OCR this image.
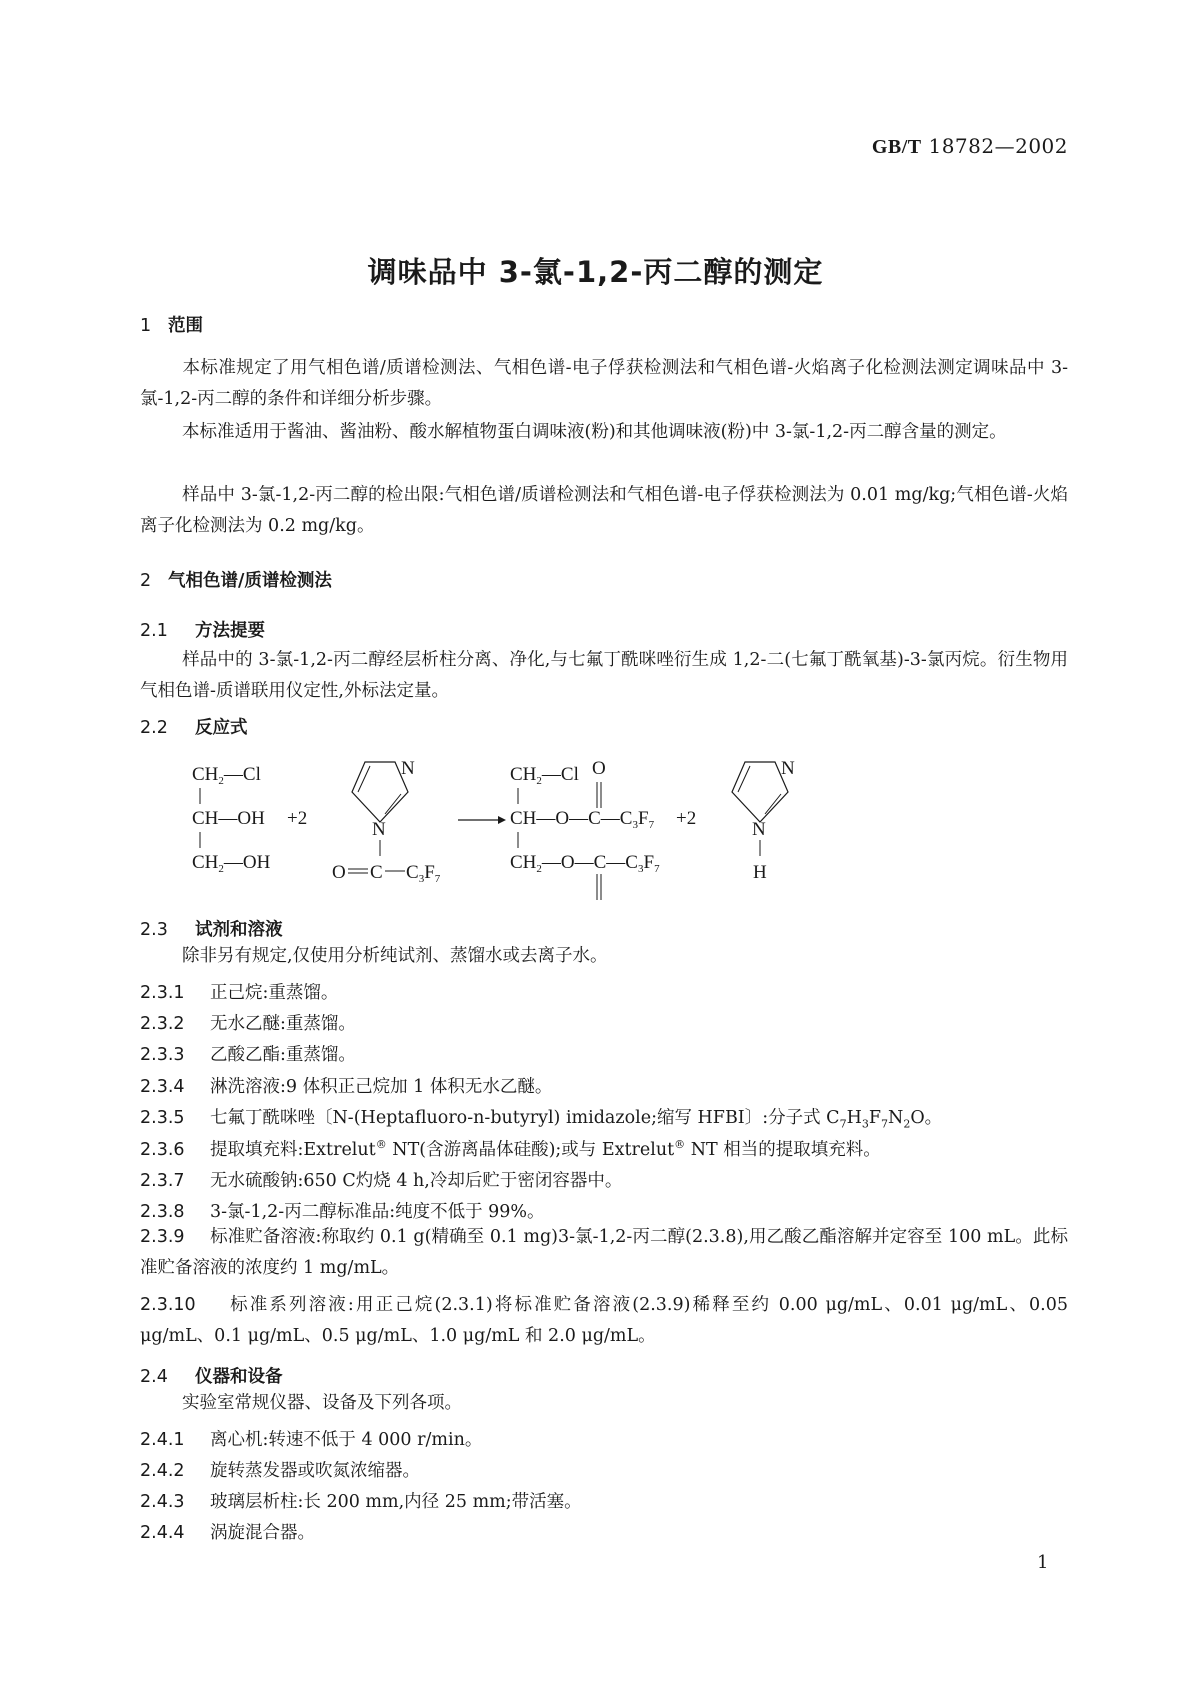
GB/T 18782—2002
调味品中 3-氯-1,2-丙二醇的测定
1 范围
本标准规定了用气相色谱/质谱检测法、气相色谱-电子俘获检测法和气相色谱-火焰离子化检测法测定调味品中 3-氯-1,2-丙二醇的条件和详细分析步骤。
本标准适用于酱油、酱油粉、酸水解植物蛋白调味液(粉)和其他调味液(粉)中 3-氯-1,2-丙二醇含量的测定。
样品中 3-氯-1,2-丙二醇的检出限:气相色谱/质谱检测法和气相色谱-电子俘获检测法为 0.01 mg/kg;气相色谱-火焰离子化检测法为 0.2 mg/kg。
2 气相色谱/质谱检测法
2.1 方法提要
样品中的 3-氯-1,2-丙二醇经层析柱分离、净化,与七氟丁酰咪唑衍生成 1,2-二(七氟丁酰氧基)-3-氯丙烷。衍生物用气相色谱-质谱联用仪定性,外标法定量。
2.2 反应式
$CH_2—Cl$
CH—OH
$CH_2—OH$
+2
N
N
O C $C_3F_7$
$CH_2—Cl$ O
$CH—O—C—C_3F_7$
$CH_2—O—C—C_3F_7$
+2
N
N
H
2.3 试剂和溶液
除非另有规定,仅使用分析纯试剂、蒸馏水或去离子水。
2.3.1 正己烷:重蒸馏。
2.3.2 无水乙醚:重蒸馏。
2.3.3 乙酸乙酯:重蒸馏。
2.3.4 淋洗溶液:9 体积正己烷加 1 体积无水乙醚。
2.3.5 七氟丁酰咪唑〔N-(Heptafluoro-n-butyryl) imidazole;缩写 HFBI〕:分子式 $C_7H_3F_7N_2O$。
2.3.6 提取填充料:Extrelut® NT(含游离晶体硅酸);或与 Extrelut® NT 相当的提取填充料。
2.3.7 无水硫酸钠:650 C灼烧 4 h,冷却后贮于密闭容器中。
2.3.8 3-氯-1,2-丙二醇标准品:纯度不低于 99%。
2.3.9 标准贮备溶液:称取约 0.1 g(精确至 0.1 mg)3-氯-1,2-丙二醇(2.3.8),用乙酸乙酯溶解并定容至 100 mL。此标准贮备溶液的浓度约 1 mg/mL。
2.3.10 标准系列溶液:用正己烷(2.3.1)将标准贮备溶液(2.3.9)稀释至约 0.00 μg/mL、0.01 μg/mL、0.05 μg/mL、0.1 μg/mL、0.5 μg/mL、1.0 μg/mL 和 2.0 μg/mL。
2.4 仪器和设备
实验室常规仪器、设备及下列各项。
2.4.1 离心机:转速不低于 4 000 r/min。
2.4.2 旋转蒸发器或吹氮浓缩器。
2.4.3 玻璃层析柱:长 200 mm,内径 25 mm;带活塞。
2.4.4 涡旋混合器。
1
